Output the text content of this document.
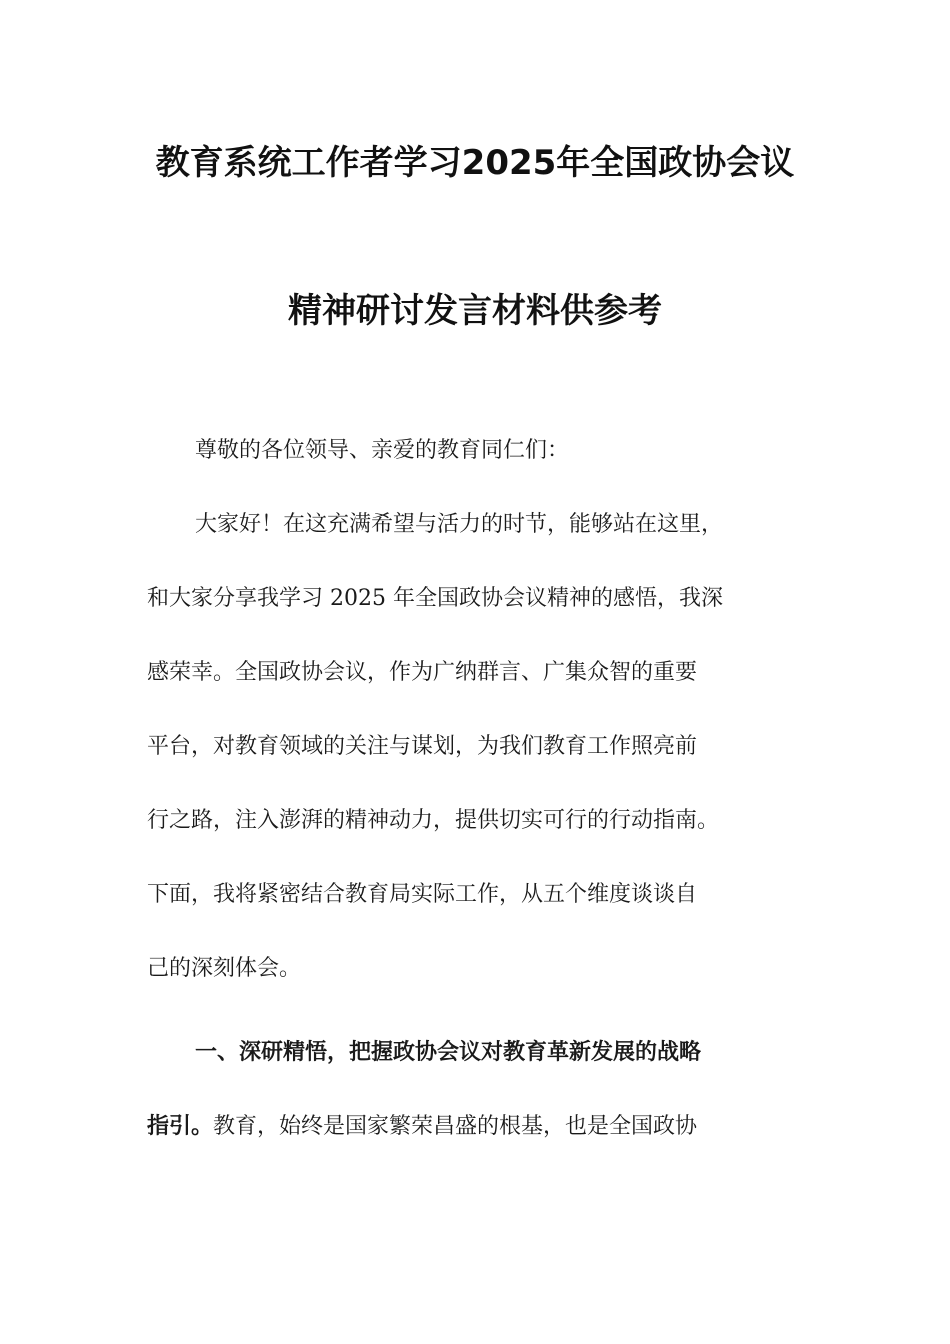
教育系统工作者学习2025年全国政协会议
精神研讨发言材料供参考
尊敬的各位领导、亲爱的教育同仁们：
大家好！在这充满希望与活力的时节，能够站在这里，
和大家分享我学习 2025 年全国政协会议精神的感悟，我深
感荣幸。全国政协会议，作为广纳群言、广集众智的重要
平台，对教育领域的关注与谋划，为我们教育工作照亮前
行之路，注入澎湃的精神动力，提供切实可行的行动指南。
下面，我将紧密结合教育局实际工作，从五个维度谈谈自
己的深刻体会。
一、深研精悟，把握政协会议对教育革新发展的战略
指引。教育，始终是国家繁荣昌盛的根基，也是全国政协
